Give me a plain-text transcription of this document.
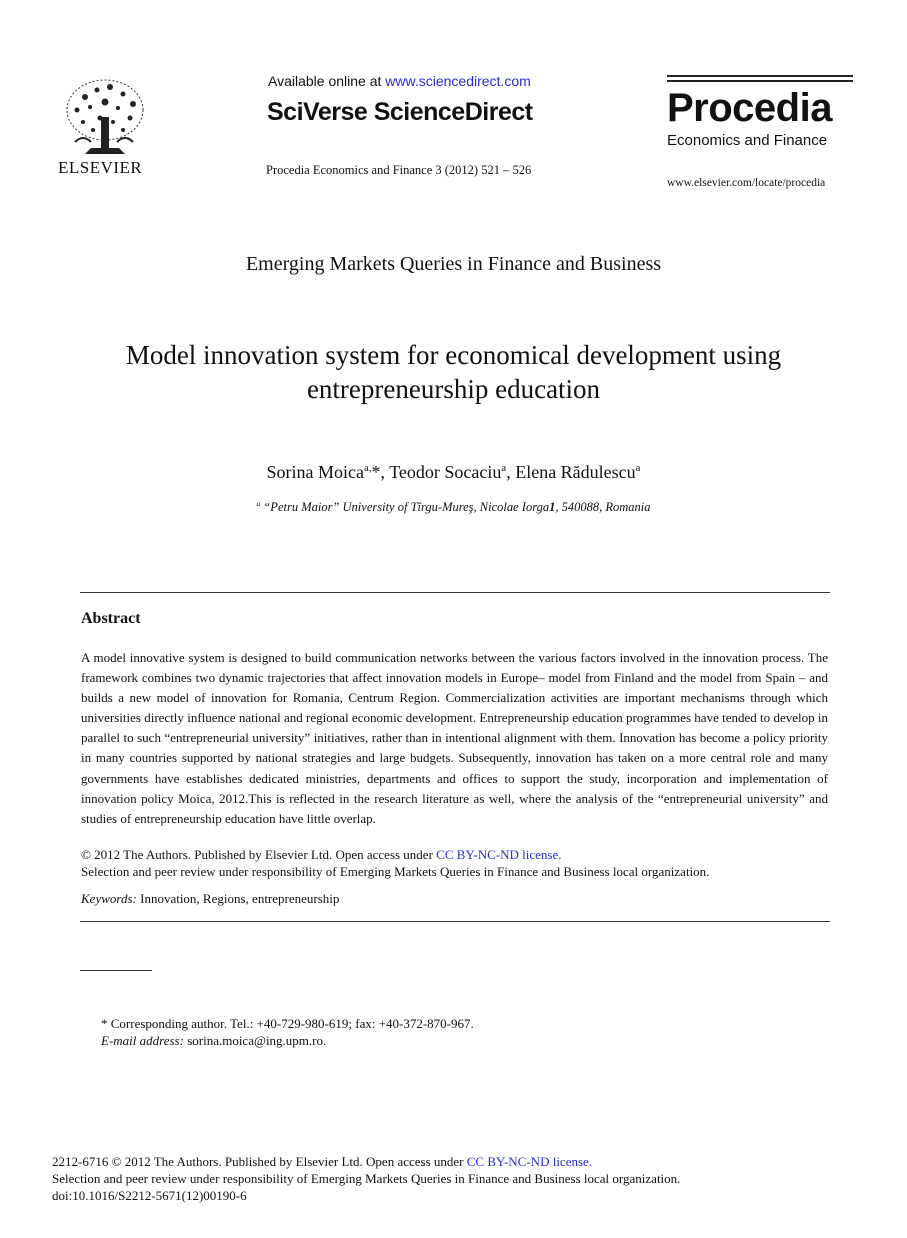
ELSEVIER
Available online at www.sciencedirect.com
SciVerse ScienceDirect
Procedia Economics and Finance 3 (2012) 521 – 526
Procedia
Economics and Finance
www.elsevier.com/locate/procedia
Emerging Markets Queries in Finance and Business
Model innovation system for economical development using
entrepreneurship education
Sorina Moica$^{a,}$*, Teodor Socaciu$^a$, Elena Rădulescu$^a$
$^a$ “Petru Maior” University of Tîrgu-Mureş, Nicolae Iorga1, 540088, Romania
Abstract
A model innovative system is designed to build communication networks between the various factors involved in the innovation process. The framework combines two dynamic trajectories that affect innovation models in Europe– model from Finland and the model from Spain – and builds a new model of innovation for Romania, Centrum Region. Commercialization activities are important mechanisms through which universities directly influence national and regional economic development. Entrepreneurship education programmes have tended to develop in parallel to such “entrepreneurial university” initiatives, rather than in intentional alignment with them. Innovation has become a policy priority in many countries supported by national strategies and large budgets. Subsequently, innovation has taken on a more central role and many governments have establishes dedicated ministries, departments and offices to support the study, incorporation and implementation of innovation policy Moica, 2012.This is reflected in the research literature as well, where the analysis of the “entrepreneurial university” and studies of entrepreneurship education have little overlap.
© 2012 The Authors. Published by Elsevier Ltd. Open access under CC BY-NC-ND license.
Selection and peer review under responsibility of Emerging Markets Queries in Finance and Business local organization.
Keywords: Innovation, Regions, entrepreneurship
* Corresponding author. Tel.: +40-729-980-619; fax: +40-372-870-967.
E-mail address: sorina.moica@ing.upm.ro.
2212-6716 © 2012 The Authors. Published by Elsevier Ltd. Open access under CC BY-NC-ND license.
Selection and peer review under responsibility of Emerging Markets Queries in Finance and Business local organization.
doi:10.1016/S2212-5671(12)00190-6
